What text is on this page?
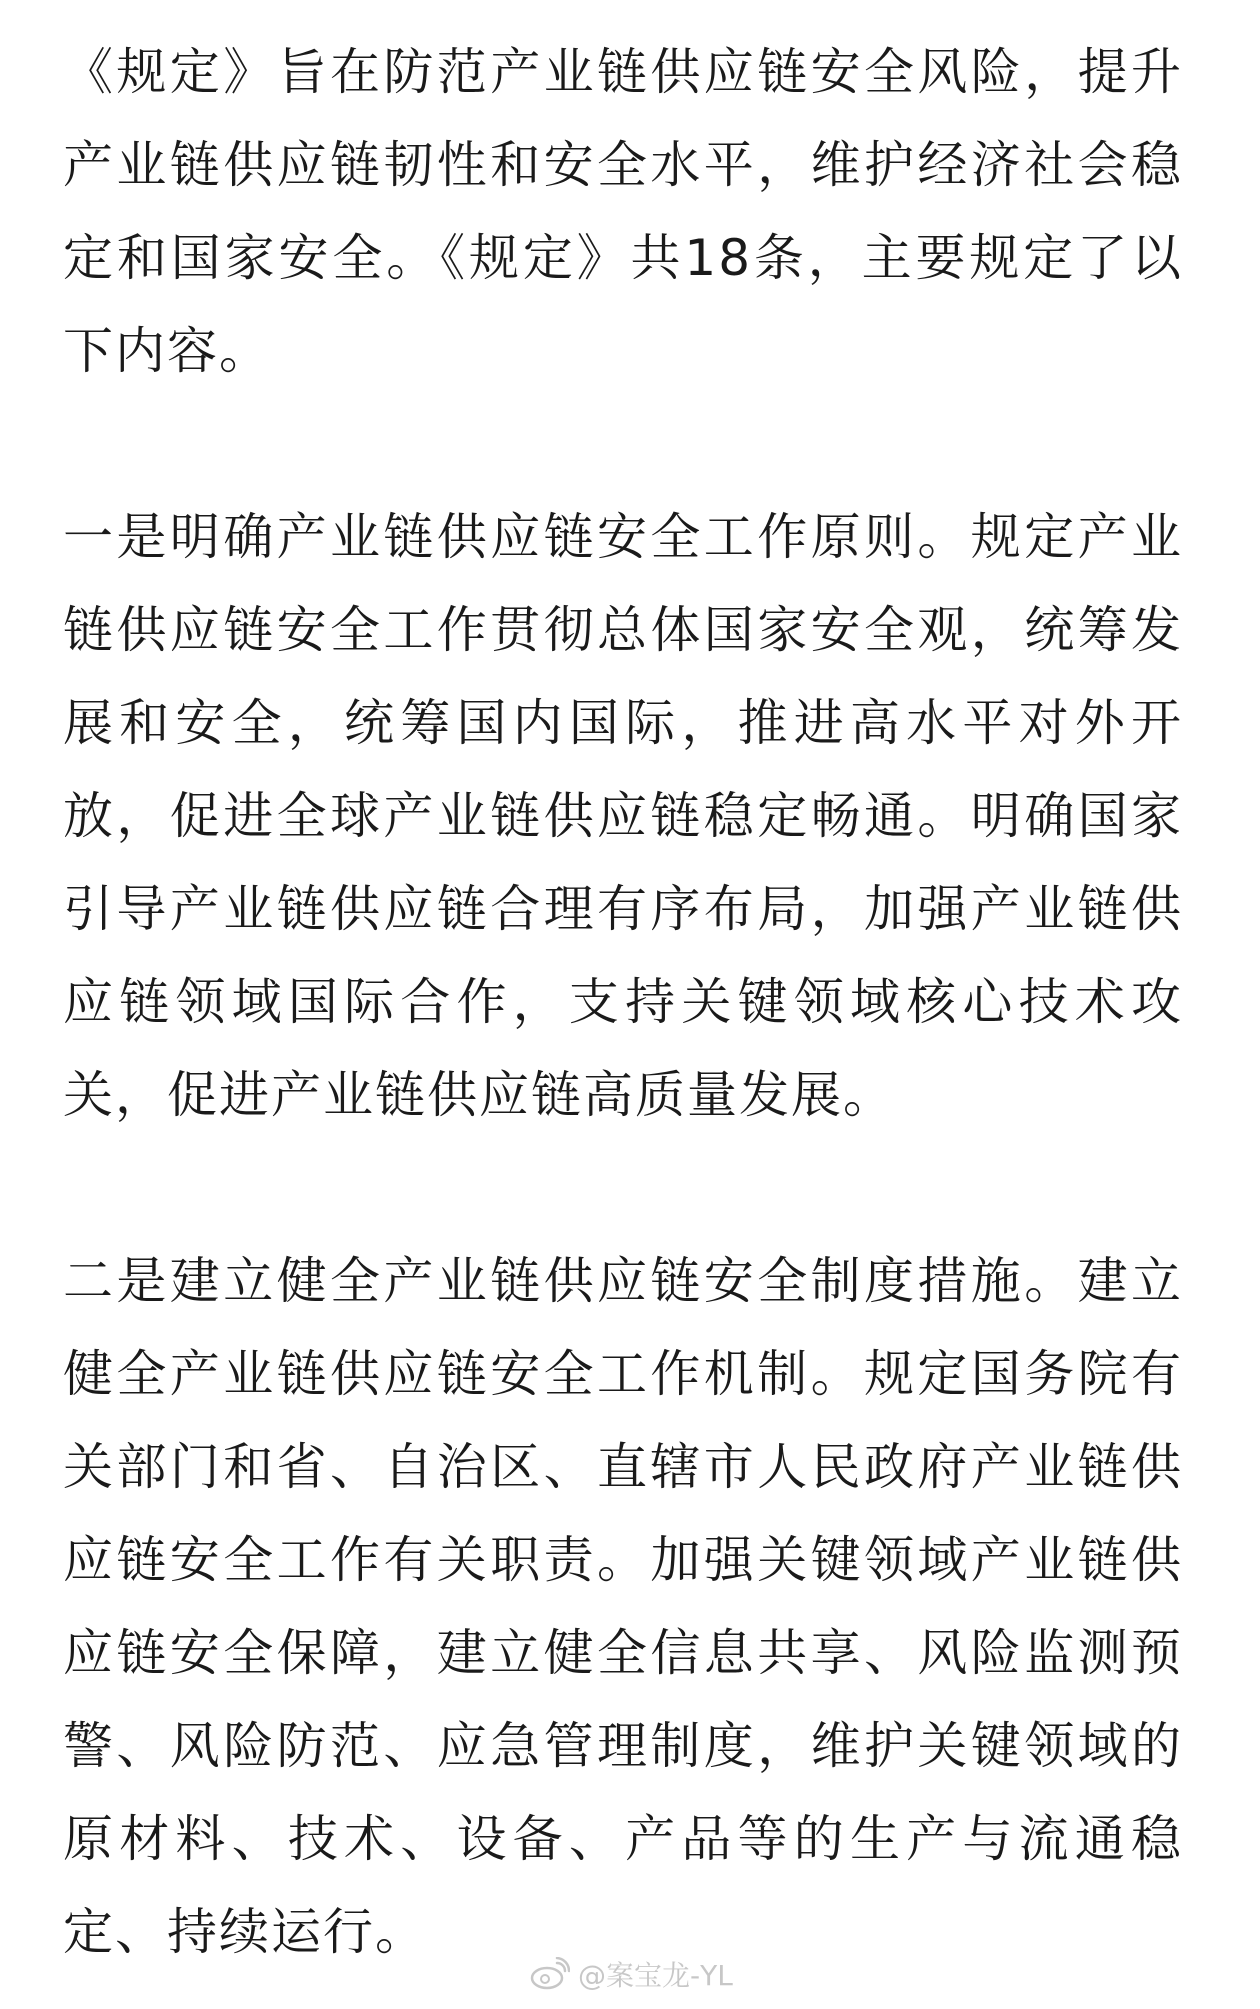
《规定》旨在防范产业链供应链安全风险，提升产业链供应链韧性和安全水平，维护经济社会稳定和国家安全。《规定》共18条，主要规定了以下内容。

一是明确产业链供应链安全工作原则。规定产业链供应链安全工作贯彻总体国家安全观，统筹发展和安全，统筹国内国际，推进高水平对外开放，促进全球产业链供应链稳定畅通。明确国家引导产业链供应链合理有序布局，加强产业链供应链领域国际合作，支持关键领域核心技术攻关，促进产业链供应链高质量发展。

二是建立健全产业链供应链安全制度措施。建立健全产业链供应链安全工作机制。规定国务院有关部门和省、自治区、直辖市人民政府产业链供应链安全工作有关职责。加强关键领域产业链供应链安全保障，建立健全信息共享、风险监测预警、风险防范、应急管理制度，维护关键领域的原材料、技术、设备、产品等的生产与流通稳定、持续运行。

@案宝龙-YL
